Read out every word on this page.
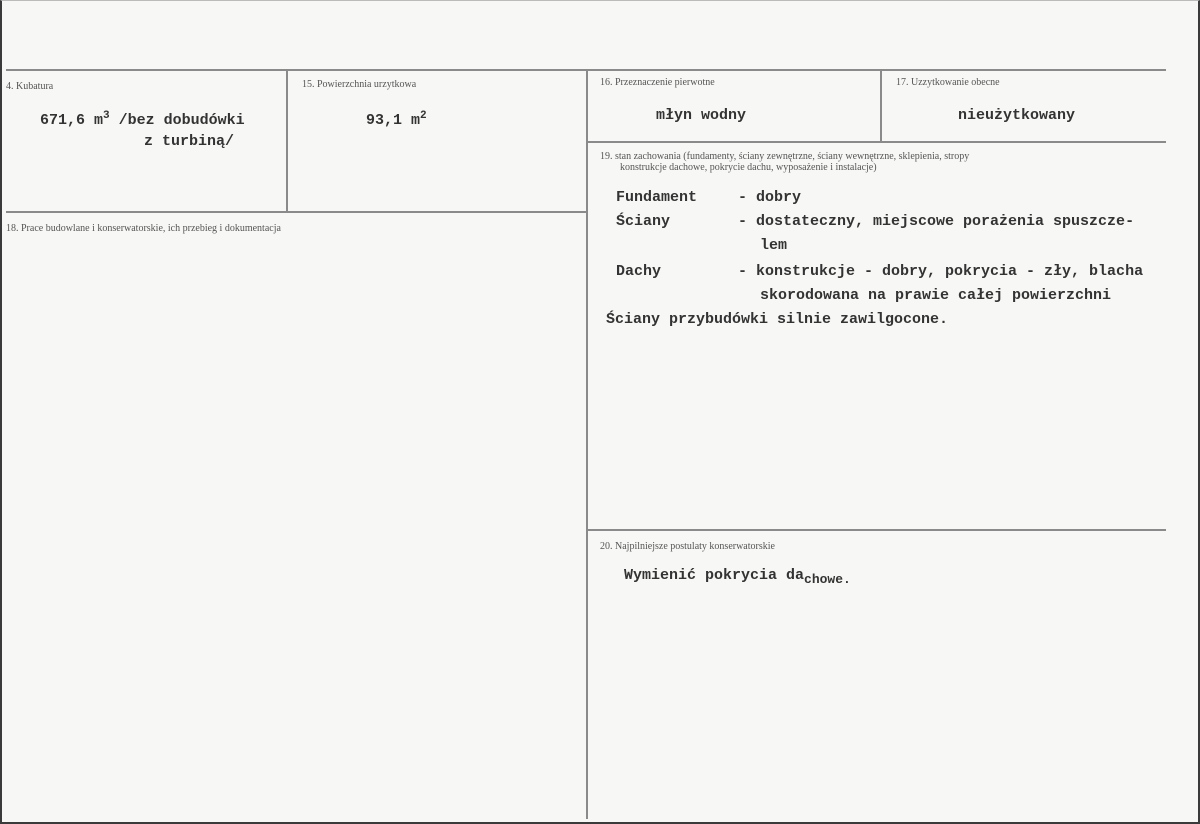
4. Kubatura
671,6 $m^3$ /bez dobudówki
z turbiną/
15. Powierzchnia urzytkowa
93,1 $m^2$
16. Przeznaczenie pierwotne
młyn wodny
17. Uzzytkowanie obecne
nieużytkowany
18. Prace budowlane i konserwatorskie, ich przebieg i dokumentacja
19. stan zachowania (fundamenty, ściany zewnętrzne, ściany wewnętrzne, sklepienia, stropy
konstrukcje dachowe, pokrycie dachu, wyposażenie i instalacje)
Fundament	- dobry
Ściany	- dostateczny, miejscowe porażenia spuszcze-
lem
Dachy	- konstrukcje - dobry, pokrycia - zły, blacha
skorodowana na prawie całej powierzchni
Ściany przybudówki silnie zawilgocone.
20. Najpilniejsze postulaty konserwatorskie
Wymienić pokrycia $da_{chowe.}$
